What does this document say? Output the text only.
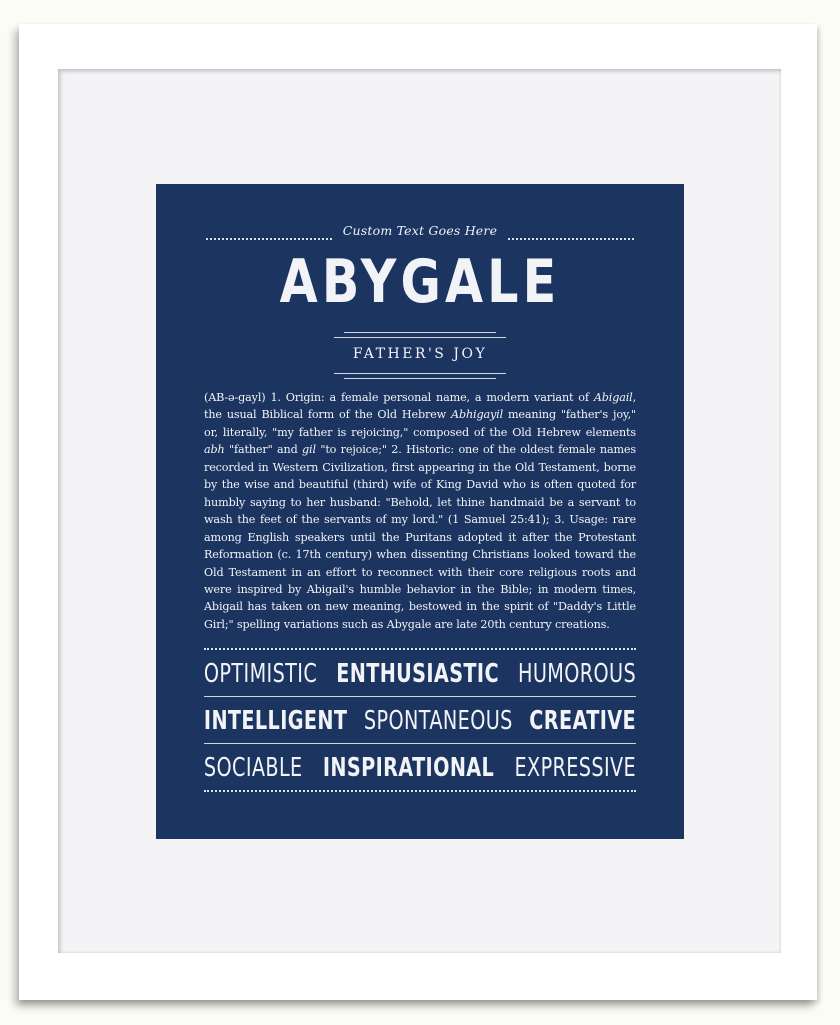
Custom Text Goes Here
ABYGALE
FATHER'S JOY
(AB-ə-gayl) 1. Origin: a female personal name, a modern variant of Abigail, the usual Biblical form of the Old Hebrew Abhigayil meaning "father's joy," or, literally, "my father is rejoicing," composed of the Old Hebrew elements abh "father" and gil "to rejoice;" 2. Historic: one of the oldest female names recorded in Western Civilization, first appearing in the Old Testament, borne by the wise and beautiful (third) wife of King David who is often quoted for humbly saying to her husband: "Behold, let thine handmaid be a servant to wash the feet of the servants of my lord." (1 Samuel 25:41); 3. Usage: rare among English speakers until the Puritans adopted it after the Protestant Reformation (c. 17th century) when dissenting Christians looked toward the Old Testament in an effort to reconnect with their core religious roots and were inspired by Abigail's humble behavior in the Bible; in modern times, Abigail has taken on new meaning, bestowed in the spirit of "Daddy's Little Girl;" spelling variations such as Abygale are late 20th century creations.
OPTIMISTIC ENTHUSIASTIC HUMOROUS
INTELLIGENT SPONTANEOUS CREATIVE
SOCIABLE INSPIRATIONAL EXPRESSIVE
